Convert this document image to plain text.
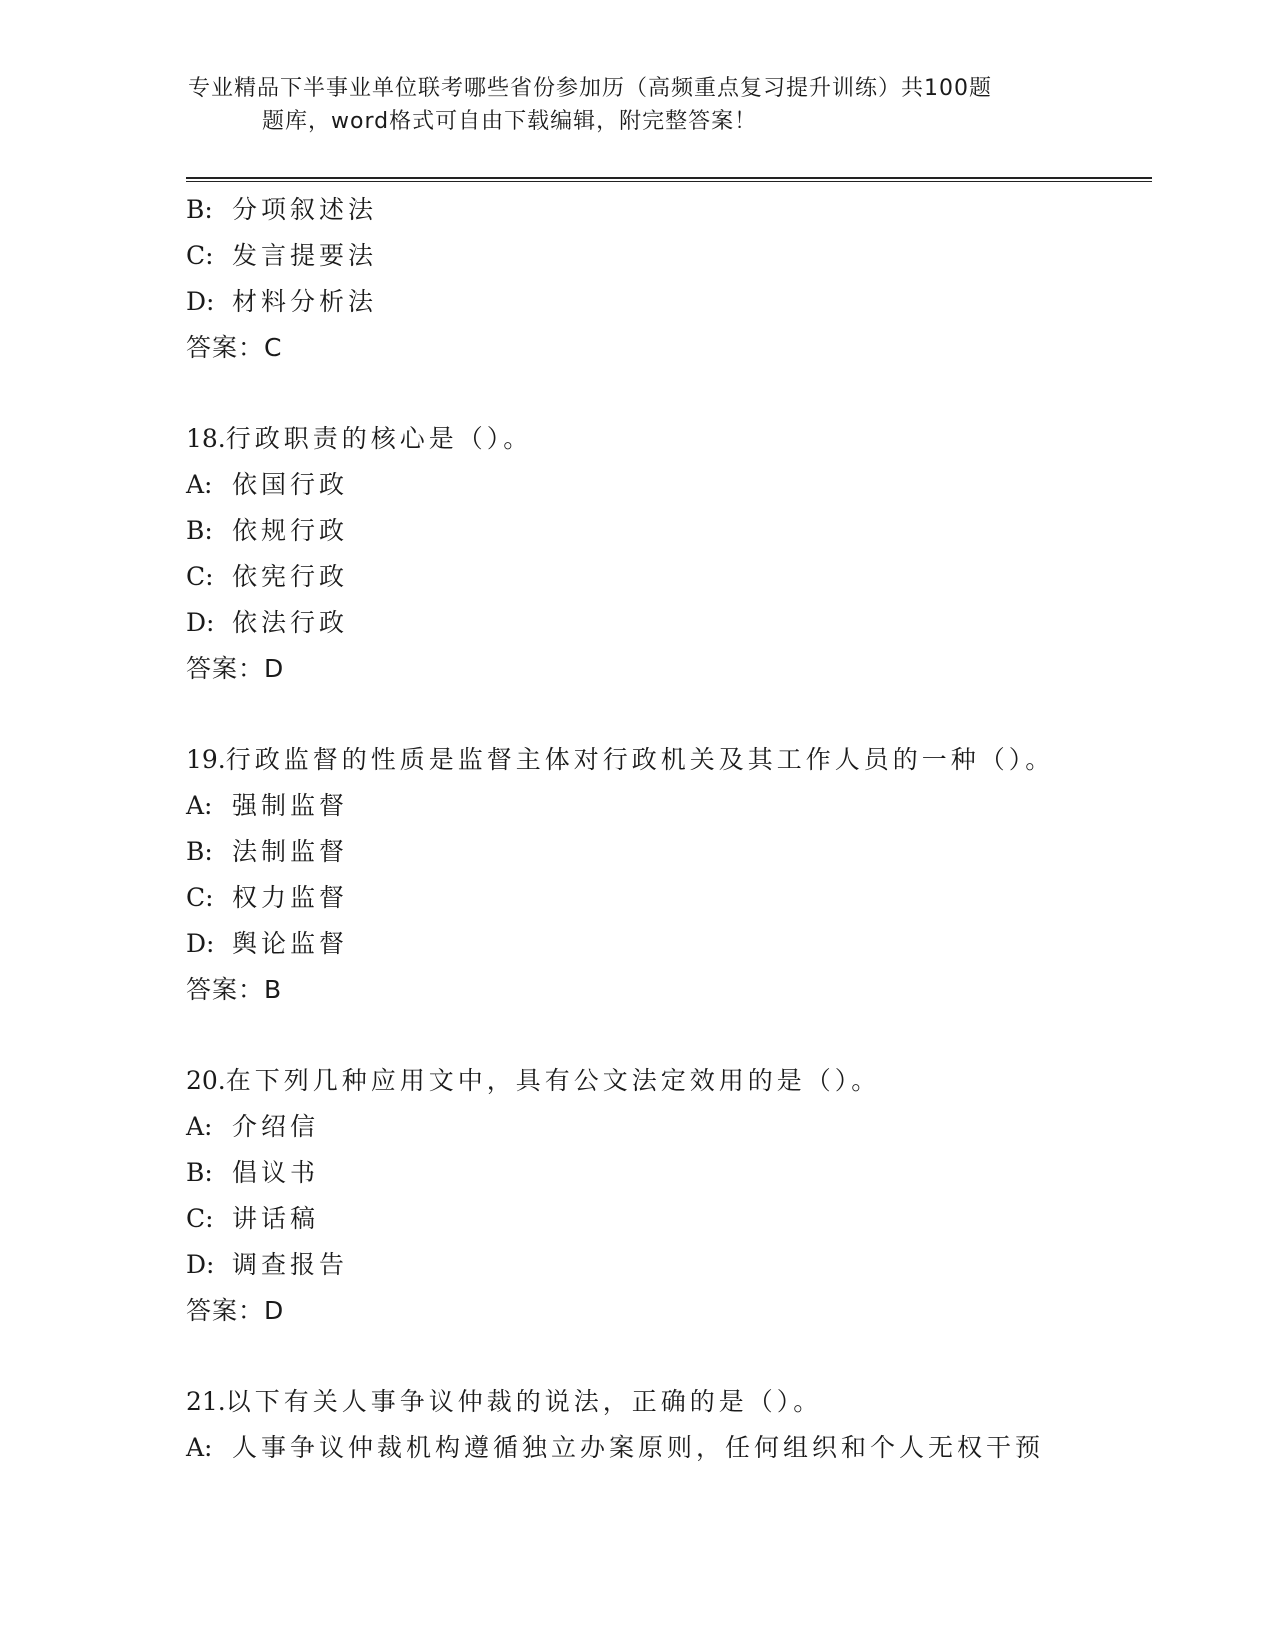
专业精品下半事业单位联考哪些省份参加历（高频重点复习提升训练）共100题
题库，word格式可自由下载编辑，附完整答案！
B: 分项叙述法
C: 发言提要法
D: 材料分析法
答案：C
18.行政职责的核心是（）。
A: 依国行政
B: 依规行政
C: 依宪行政
D: 依法行政
答案：D
19.行政监督的性质是监督主体对行政机关及其工作人员的一种（）。
A: 强制监督
B: 法制监督
C: 权力监督
D: 舆论监督
答案：B
20.在下列几种应用文中，具有公文法定效用的是（）。
A: 介绍信
B: 倡议书
C: 讲话稿
D: 调查报告
答案：D
21.以下有关人事争议仲裁的说法，正确的是（）。
A: 人事争议仲裁机构遵循独立办案原则，任何组织和个人无权干预
